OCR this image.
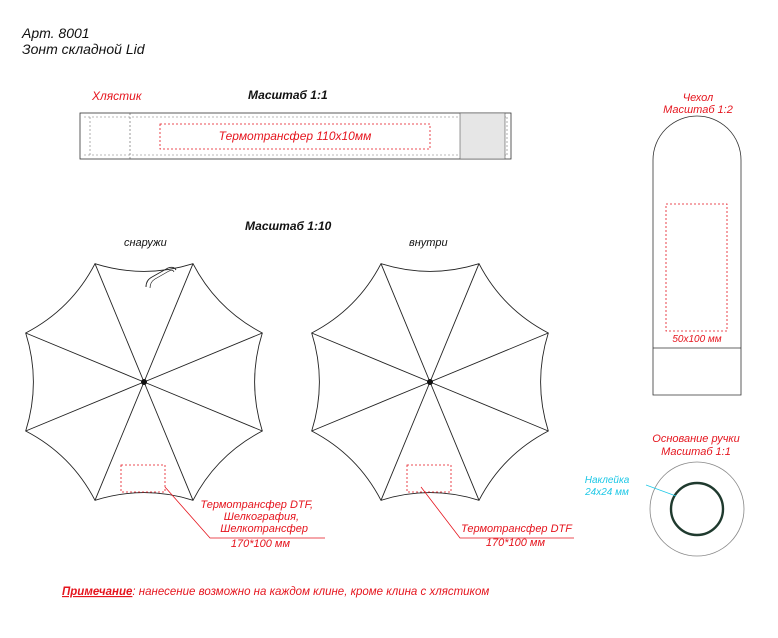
Арт. 8001
Зонт складной Lid
Хлястик	Масштаб 1:1
Термотрансфер 110х10мм
Чехол
Масштаб 1:2
50х100 мм
Масштаб 1:10
снаружи
Термотрансфер DTF,
Шелкография,
Шелкотрансфер
170*100 мм
внутри
Термотрансфер DTF
170*100 мм
Основание ручки
Масштаб 1:1
Наклейка
24х24 мм
Примечание: нанесение возможно на каждом клине, кроме клина с хлястиком
